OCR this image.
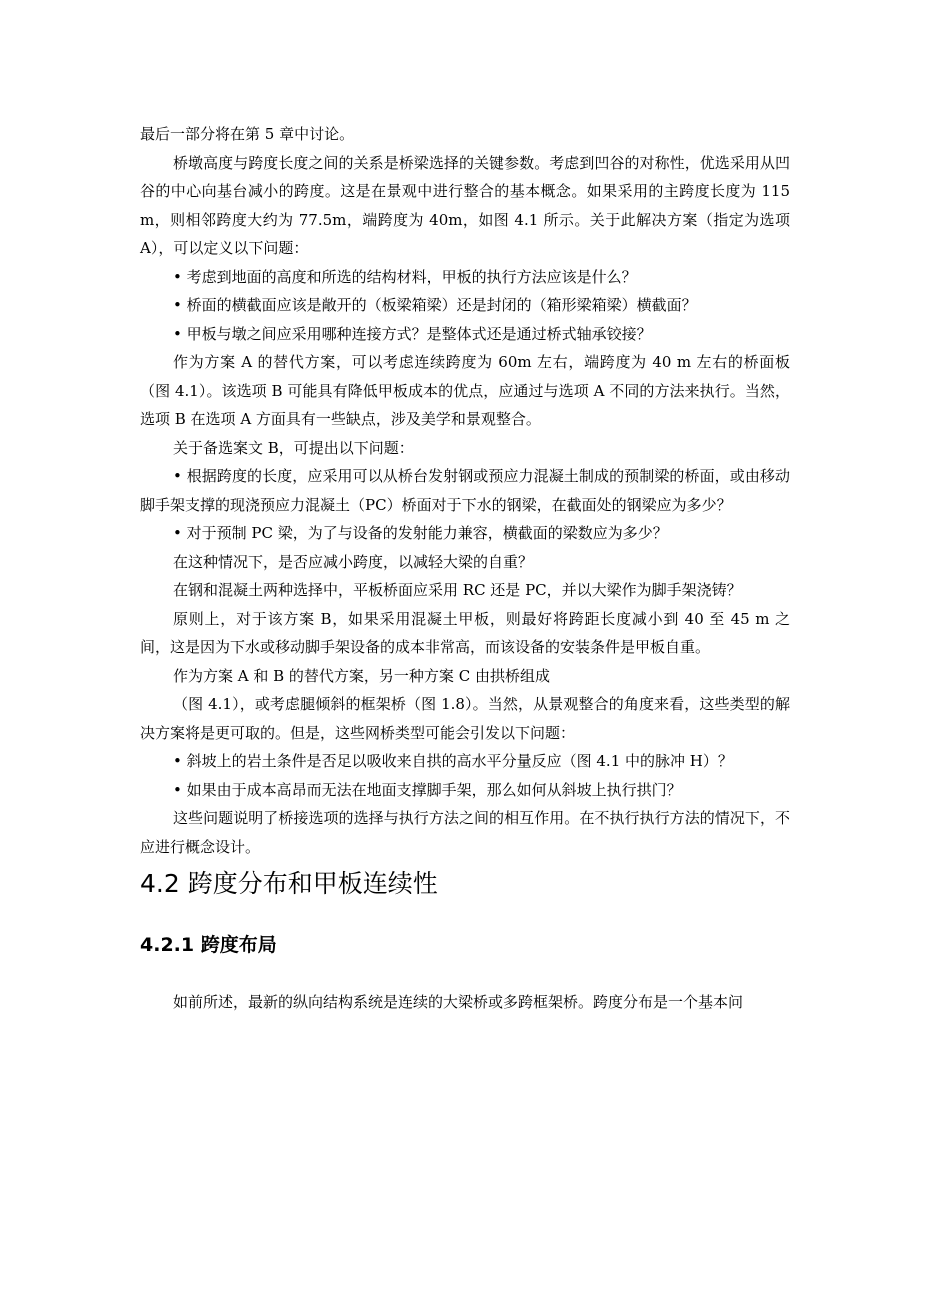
最后一部分将在第 5 章中讨论。

桥墩高度与跨度长度之间的关系是桥梁选择的关键参数。考虑到凹谷的对称性，优选采用从凹谷的中心向基台减小的跨度。这是在景观中进行整合的基本概念。如果采用的主跨度长度为 115m，则相邻跨度大约为 77.5m，端跨度为 40m，如图 4.1 所示。关于此解决方案（指定为选项 A），可以定义以下问题：

• 考虑到地面的高度和所选的结构材料，甲板的执行方法应该是什么？

• 桥面的横截面应该是敞开的（板梁箱梁）还是封闭的（箱形梁箱梁）横截面？

• 甲板与墩之间应采用哪种连接方式？是整体式还是通过桥式轴承铰接？

作为方案 A 的替代方案，可以考虑连续跨度为 60m 左右，端跨度为 40 m 左右的桥面板（图 4.1）。该选项 B 可能具有降低甲板成本的优点，应通过与选项 A 不同的方法来执行。当然，选项 B 在选项 A 方面具有一些缺点，涉及美学和景观整合。

关于备选案文 B，可提出以下问题：

• 根据跨度的长度，应采用可以从桥台发射钢或预应力混凝土制成的预制梁的桥面，或由移动脚手架支撑的现浇预应力混凝土（PC）桥面对于下水的钢梁，在截面处的钢梁应为多少？

• 对于预制 PC 梁，为了与设备的发射能力兼容，横截面的梁数应为多少？

在这种情况下，是否应减小跨度，以减轻大梁的自重？

在钢和混凝土两种选择中，平板桥面应采用 RC 还是 PC，并以大梁作为脚手架浇铸？

原则上，对于该方案 B，如果采用混凝土甲板，则最好将跨距长度减小到 40 至 45 m 之间，这是因为下水或移动脚手架设备的成本非常高，而该设备的安装条件是甲板自重。

作为方案 A 和 B 的替代方案，另一种方案 C 由拱桥组成

（图 4.1），或考虑腿倾斜的框架桥（图 1.8）。当然，从景观整合的角度来看，这些类型的解决方案将是更可取的。但是，这些网桥类型可能会引发以下问题：

• 斜坡上的岩土条件是否足以吸收来自拱的高水平分量反应（图 4.1 中的脉冲 H）？

• 如果由于成本高昂而无法在地面支撑脚手架，那么如何从斜坡上执行拱门？

这些问题说明了桥接选项的选择与执行方法之间的相互作用。在不执行执行方法的情况下，不应进行概念设计。

4.2 跨度分布和甲板连续性
4.2.1 跨度布局

如前所述，最新的纵向结构系统是连续的大梁桥或多跨框架桥。跨度分布是一个基本问
